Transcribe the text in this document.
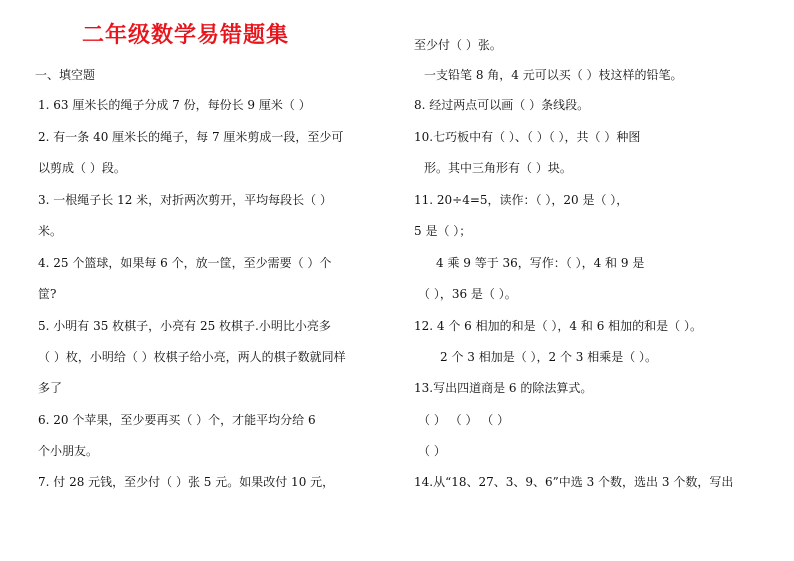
二年级数学易错题集
一、填空题
1. 63 厘米长的绳子分成 7 份，每份长 9 厘米（ ）
2. 有一条 40 厘米长的绳子，每 7 厘米剪成一段，至少可
以剪成（ ）段。
3. 一根绳子长 12 米，对折两次剪开，平均每段长（ ）
米。
4. 25 个篮球，如果每 6 个，放一筐，至少需要（ ）个
筐?
5. 小明有 35 枚棋子，小亮有 25 枚棋子.小明比小亮多
（ ）枚，小明给（ ）枚棋子给小亮，两人的棋子数就同样
多了
6. 20 个苹果，至少要再买（ ）个，才能平均分给 6
个小朋友。
7. 付 28 元钱，至少付（ ）张 5 元。如果改付 10 元，
至少付（ ）张。
一支铅笔 8 角，4 元可以买（ ）枝这样的铅笔。
8. 经过两点可以画（ ）条线段。
10.七巧板中有（ ）、（ ）（ ），共（ ）种图
形。其中三角形有（ ）块。
11. 20÷4=5，读作：（ ），20 是（ ），
5 是（ ）；
4 乘 9 等于 36，写作：（ ），4 和 9 是
（ ），36 是（ ）。
12. 4 个 6 相加的和是（ ），4 和 6 相加的和是（ ）。
2 个 3 相加是（ ），2 个 3 相乘是（ ）。
13.写出四道商是 6 的除法算式。
（ ） （ ） （ ）
（ ）
14.从“18、27、3、9、6”中选 3 个数，选出 3 个数，写出
